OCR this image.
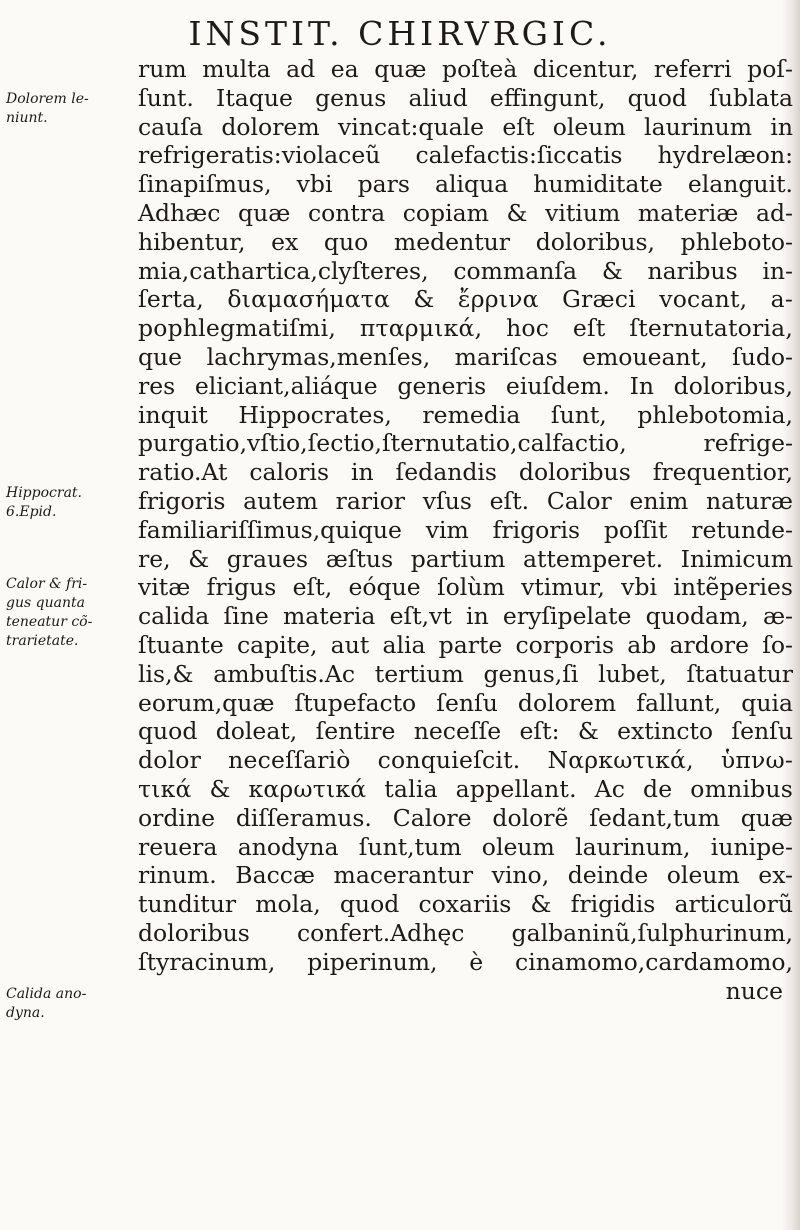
INSTIT. CHIRVRGIC.
Dolorem le-
niunt.
Hippocrat.
6.Epid.
Calor & fri-
gus quanta
teneatur cõ-
trarietate.
Calida ano-
dyna.
rum multa ad ea quæ poſteà dicentur, referri poſ-
ſunt. Itaque genus aliud effingunt, quod ſublata
cauſa dolorem vincat:quale eſt oleum laurinum in
refrigeratis:violaceũ calefactis:ſiccatis hydrelæon:
ſinapiſmus, vbi pars aliqua humiditate elanguit.
Adhæc quæ contra copiam & vitium materiæ ad-
hibentur, ex quo medentur doloribus, phleboto-
mia,cathartica,clyſteres, commanſa & naribus in-
ſerta, διαμασήματα & ἔρρινα Græci vocant, a-
pophlegmatiſmi, πταρμικά, hoc eſt ſternutatoria,
que lachrymas,menſes, mariſcas emoueant, ſudo-
res eliciant,aliáque generis eiuſdem. In doloribus,
inquit Hippocrates, remedia ſunt, phlebotomia,
purgatio,vſtio,ſectio,ſternutatio,calfactio, refrige-
ratio.At caloris in ſedandis doloribus frequentior,
frigoris autem rarior vſus eſt. Calor enim naturæ
familiariſſimus,quique vim frigoris poſſit retunde-
re, & graues æſtus partium attemperet. Inimicum
vitæ frigus eſt, eóque ſolùm vtimur, vbi intẽperies
calida ſine materia eſt,vt in eryſipelate quodam, æ-
ſtuante capite, aut alia parte corporis ab ardore ſo-
lis,& ambuſtis.Ac tertium genus,ſi lubet, ſtatuatur
eorum,quæ ſtupefacto ſenſu dolorem fallunt, quia
quod doleat, ſentire neceſſe eſt: & extincto ſenſu
dolor neceſſariò conquieſcit. Ναρκωτικά, ὑπνω-
τικά & καρωτικά talia appellant. Ac de omnibus
ordine diſſeramus. Calore dolorẽ ſedant,tum quæ
reuera anodyna ſunt,tum oleum laurinum, iunipe-
rinum. Baccæ macerantur vino, deinde oleum ex-
tunditur mola, quod coxariis & frigidis articulorũ
doloribus confert.Adhęc galbaninũ,ſulphurinum,
ſtyracinum, piperinum, è cinamomo,cardamomo,
nuce
